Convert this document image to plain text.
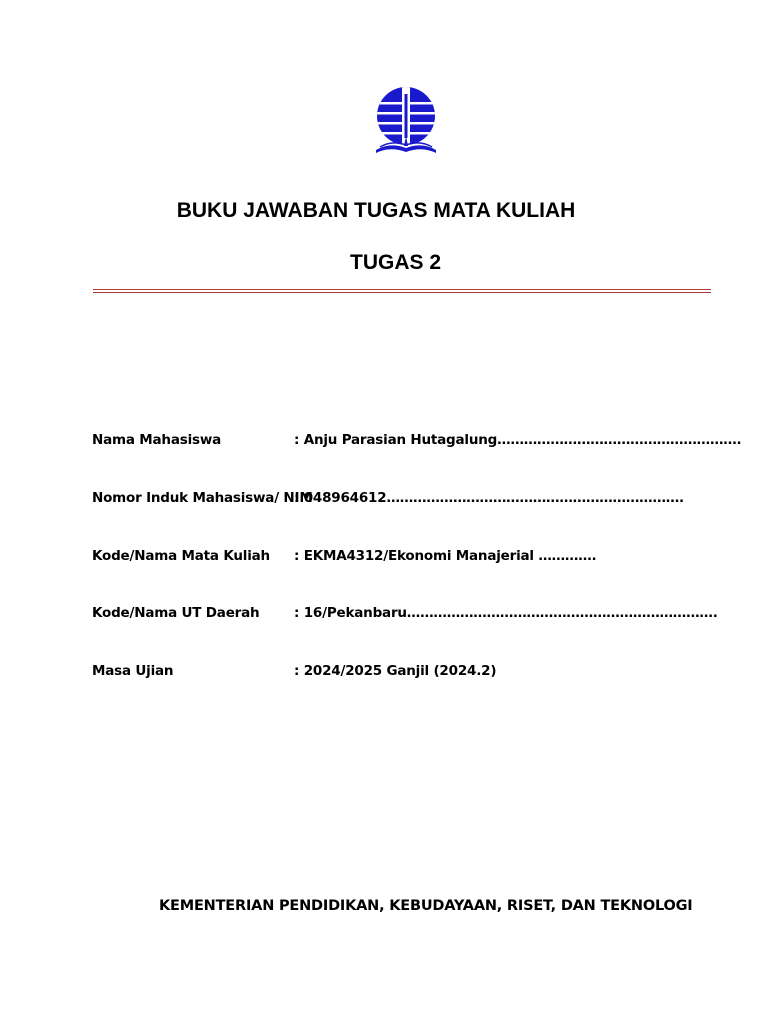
BUKU JAWABAN TUGAS MATA KULIAH
TUGAS 2
Nama Mahasiswa	: Anju Parasian Hutagalung……………………………………………….
Nomor Induk Mahasiswa/ NIM
: 048964612………………………………………………………….
Kode/Nama Mata Kuliah : EKMA4312/Ekonomi Manajerial ………….
Kode/Nama UT Daerah	: 16/Pekanbaru…………………………………………………………….
Masa Ujian	: 2024/2025 Ganjil (2024.2)
KEMENTERIAN PENDIDIKAN, KEBUDAYAAN, RISET, DAN TEKNOLOGI
